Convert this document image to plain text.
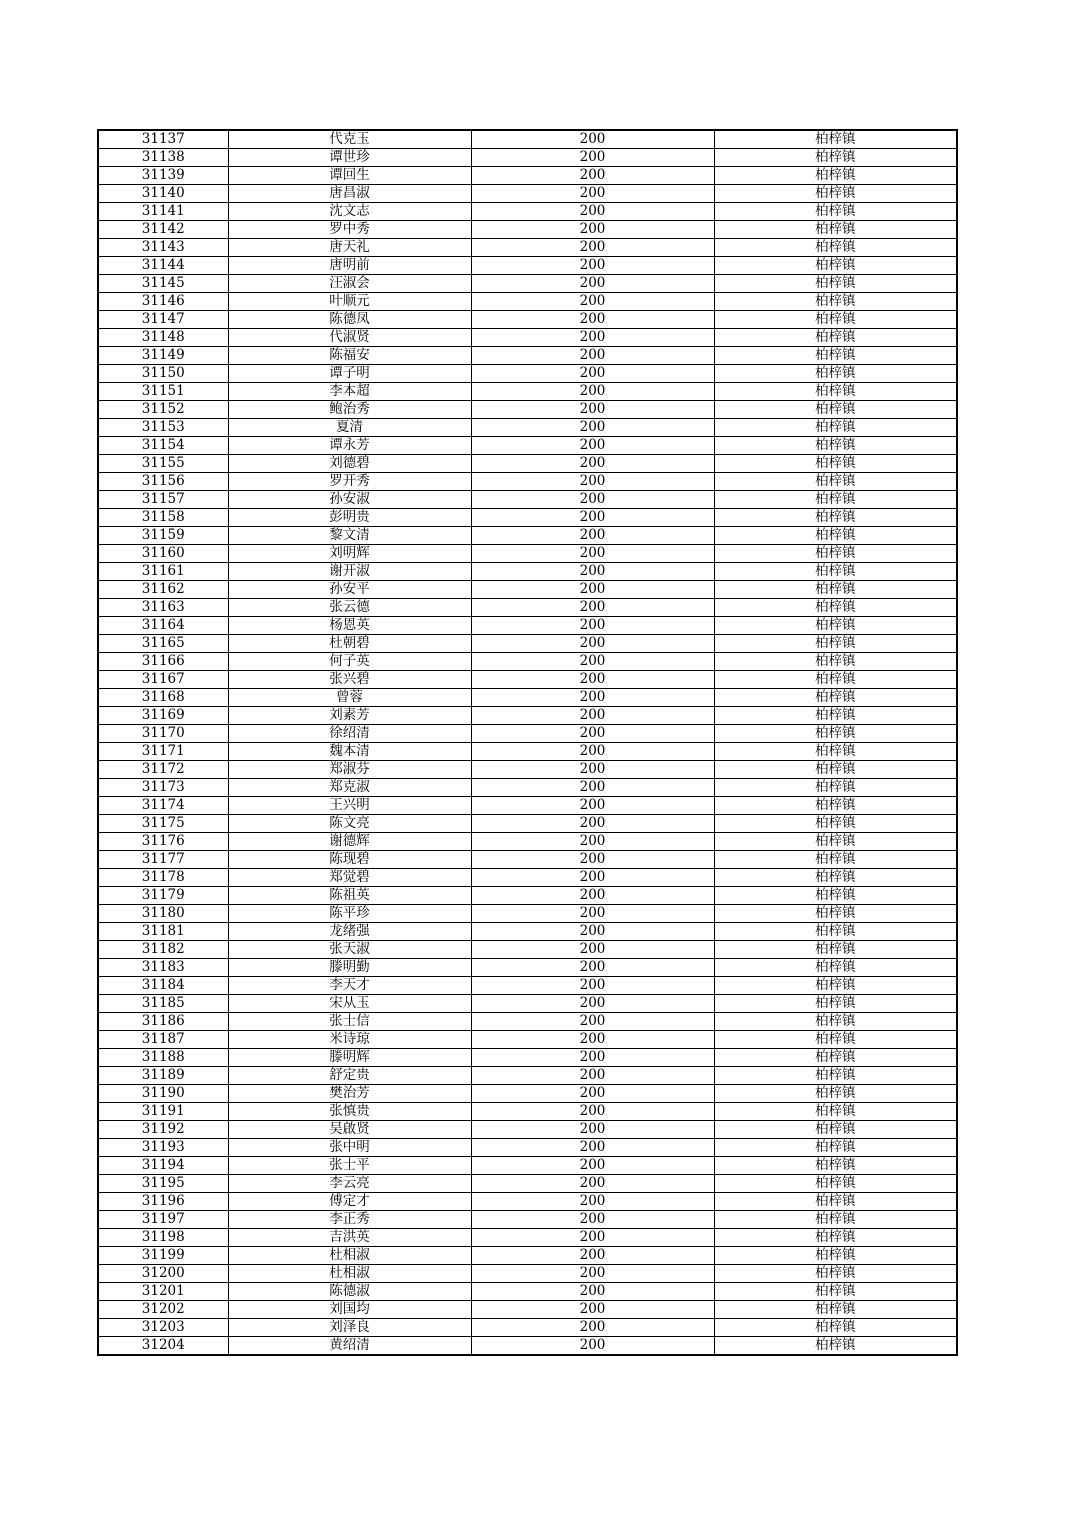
31137	代克玉	200	柏梓镇
31138	谭世珍	200	柏梓镇
31139	谭回生	200	柏梓镇
31140	唐昌淑	200	柏梓镇
31141	沈文志	200	柏梓镇
31142	罗中秀	200	柏梓镇
31143	唐天礼	200	柏梓镇
31144	唐明前	200	柏梓镇
31145	汪淑会	200	柏梓镇
31146	叶顺元	200	柏梓镇
31147	陈德凤	200	柏梓镇
31148	代淑贤	200	柏梓镇
31149	陈福安	200	柏梓镇
31150	谭子明	200	柏梓镇
31151	李本超	200	柏梓镇
31152	鲍治秀	200	柏梓镇
31153	夏清	200	柏梓镇
31154	谭永芳	200	柏梓镇
31155	刘德碧	200	柏梓镇
31156	罗开秀	200	柏梓镇
31157	孙安淑	200	柏梓镇
31158	彭明贵	200	柏梓镇
31159	黎文清	200	柏梓镇
31160	刘明辉	200	柏梓镇
31161	谢开淑	200	柏梓镇
31162	孙安平	200	柏梓镇
31163	张云德	200	柏梓镇
31164	杨恩英	200	柏梓镇
31165	杜朝碧	200	柏梓镇
31166	何子英	200	柏梓镇
31167	张兴碧	200	柏梓镇
31168	曾蓉	200	柏梓镇
31169	刘素芳	200	柏梓镇
31170	徐绍清	200	柏梓镇
31171	魏本清	200	柏梓镇
31172	郑淑芬	200	柏梓镇
31173	郑克淑	200	柏梓镇
31174	王兴明	200	柏梓镇
31175	陈文亮	200	柏梓镇
31176	谢德辉	200	柏梓镇
31177	陈现碧	200	柏梓镇
31178	郑觉碧	200	柏梓镇
31179	陈祖英	200	柏梓镇
31180	陈平珍	200	柏梓镇
31181	龙绪强	200	柏梓镇
31182	张天淑	200	柏梓镇
31183	滕明勤	200	柏梓镇
31184	李天才	200	柏梓镇
31185	宋从玉	200	柏梓镇
31186	张士信	200	柏梓镇
31187	米诗琼	200	柏梓镇
31188	滕明辉	200	柏梓镇
31189	舒定贵	200	柏梓镇
31190	樊治芳	200	柏梓镇
31191	张慎贵	200	柏梓镇
31192	吴啟贤	200	柏梓镇
31193	张中明	200	柏梓镇
31194	张士平	200	柏梓镇
31195	李云亮	200	柏梓镇
31196	傅定才	200	柏梓镇
31197	李正秀	200	柏梓镇
31198	吉洪英	200	柏梓镇
31199	杜相淑	200	柏梓镇
31200	杜相淑	200	柏梓镇
31201	陈德淑	200	柏梓镇
31202	刘国均	200	柏梓镇
31203	刘泽良	200	柏梓镇
31204	黄绍清	200	柏梓镇
